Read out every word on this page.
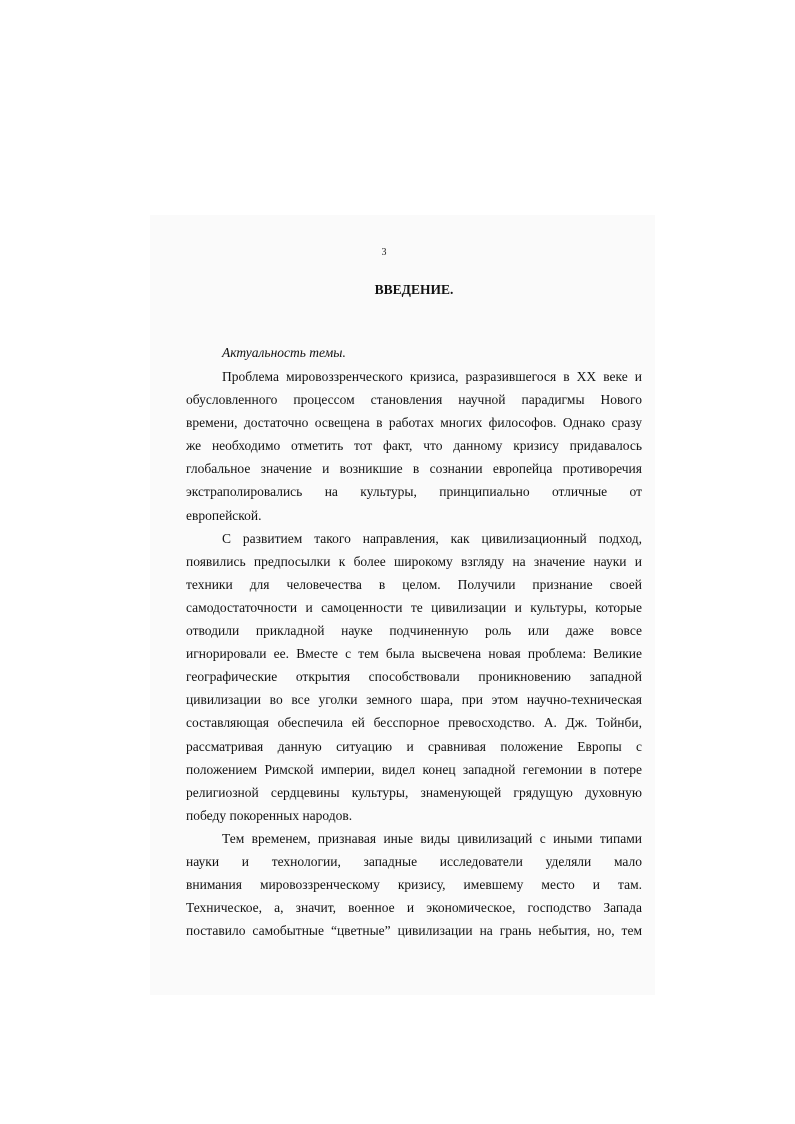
3
ВВЕДЕНИЕ.
Актуальность темы.
Проблема мировоззренческого кризиса, разразившегося в XX веке и
обусловленного процессом становления научной парадигмы Нового
времени, достаточно освещена в работах многих философов. Однако сразу
же необходимо отметить тот факт, что данному кризису придавалось
глобальное значение и возникшие в сознании европейца противоречия
экстраполировались на культуры, принципиально отличные от
европейской.
С развитием такого направления, как цивилизационный подход,
появились предпосылки к более широкому взгляду на значение науки и
техники для человечества в целом. Получили признание своей
самодостаточности и самоценности те цивилизации и культуры, которые
отводили прикладной науке подчиненную роль или даже вовсе
игнорировали ее. Вместе с тем была высвечена новая проблема: Великие
географические открытия способствовали проникновению западной
цивилизации во все уголки земного шара, при этом научно-техническая
составляющая обеспечила ей бесспорное превосходство. А. Дж. Тойнби,
рассматривая данную ситуацию и сравнивая положение Европы с
положением Римской империи, видел конец западной гегемонии в потере
религиозной сердцевины культуры, знаменующей грядущую духовную
победу покоренных народов.
Тем временем, признавая иные виды цивилизаций с иными типами
науки и технологии, западные исследователи уделяли мало
внимания мировоззренческому кризису, имевшему место и там.
Техническое, а, значит, военное и экономическое, господство Запада
поставило самобытные “цветные” цивилизации на грань небытия, но, тем
